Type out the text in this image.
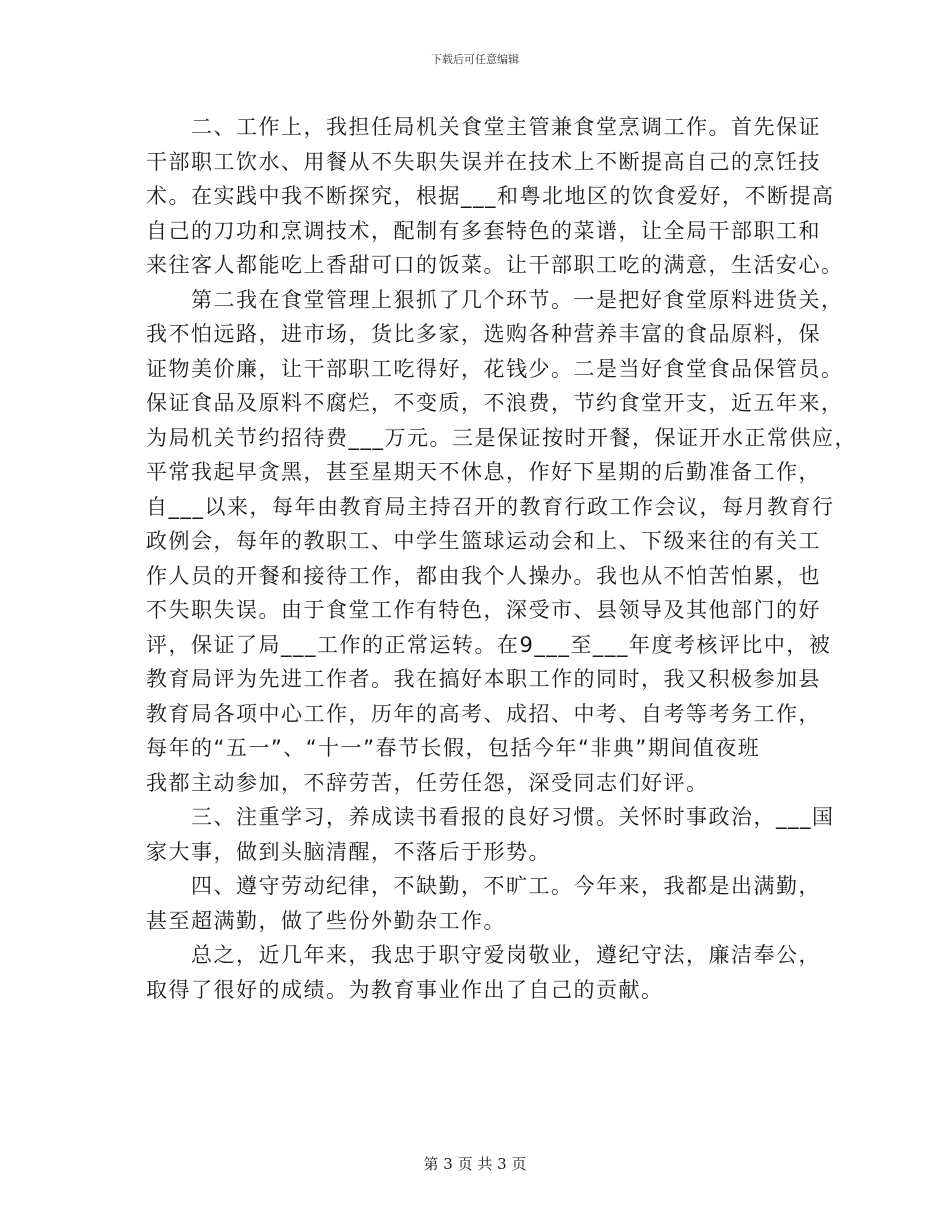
下载后可任意编辑
　　二、工作上，我担任局机关食堂主管兼食堂烹调工作。首先保证
干部职工饮水、用餐从不失职失误并在技术上不断提高自己的烹饪技
术。在实践中我不断探究，根据___和粤北地区的饮食爱好，不断提高
自己的刀功和烹调技术，配制有多套特色的菜谱，让全局干部职工和
来往客人都能吃上香甜可口的饭菜。让干部职工吃的满意，生活安心。
　　第二我在食堂管理上狠抓了几个环节。一是把好食堂原料进货关，
我不怕远路，进市场，货比多家，选购各种营养丰富的食品原料，保
证物美价廉，让干部职工吃得好，花钱少。二是当好食堂食品保管员。
保证食品及原料不腐烂，不变质，不浪费，节约食堂开支，近五年来，
为局机关节约招待费___万元。三是保证按时开餐，保证开水正常供应，
平常我起早贪黑，甚至星期天不休息，作好下星期的后勤准备工作，
自___以来，每年由教育局主持召开的教育行政工作会议，每月教育行
政例会，每年的教职工、中学生篮球运动会和上、下级来往的有关工
作人员的开餐和接待工作，都由我个人操办。我也从不怕苦怕累，也
不失职失误。由于食堂工作有特色，深受市、县领导及其他部门的好
评，保证了局___工作的正常运转。在9___至___年度考核评比中，被
教育局评为先进工作者。我在搞好本职工作的同时，我又积极参加县
教育局各项中心工作，历年的高考、成招、中考、自考等考务工作，
每年的“五一”、“十一”春节长假，包括今年“非典”期间值夜班
我都主动参加，不辞劳苦，任劳任怨，深受同志们好评。
　　三、注重学习，养成读书看报的良好习惯。关怀时事政治，___国
家大事，做到头脑清醒，不落后于形势。
　　四、遵守劳动纪律，不缺勤，不旷工。今年来，我都是出满勤，
甚至超满勤，做了些份外勤杂工作。
　　总之，近几年来，我忠于职守爱岗敬业，遵纪守法，廉洁奉公，
取得了很好的成绩。为教育事业作出了自己的贡献。
第 3 页 共 3 页
